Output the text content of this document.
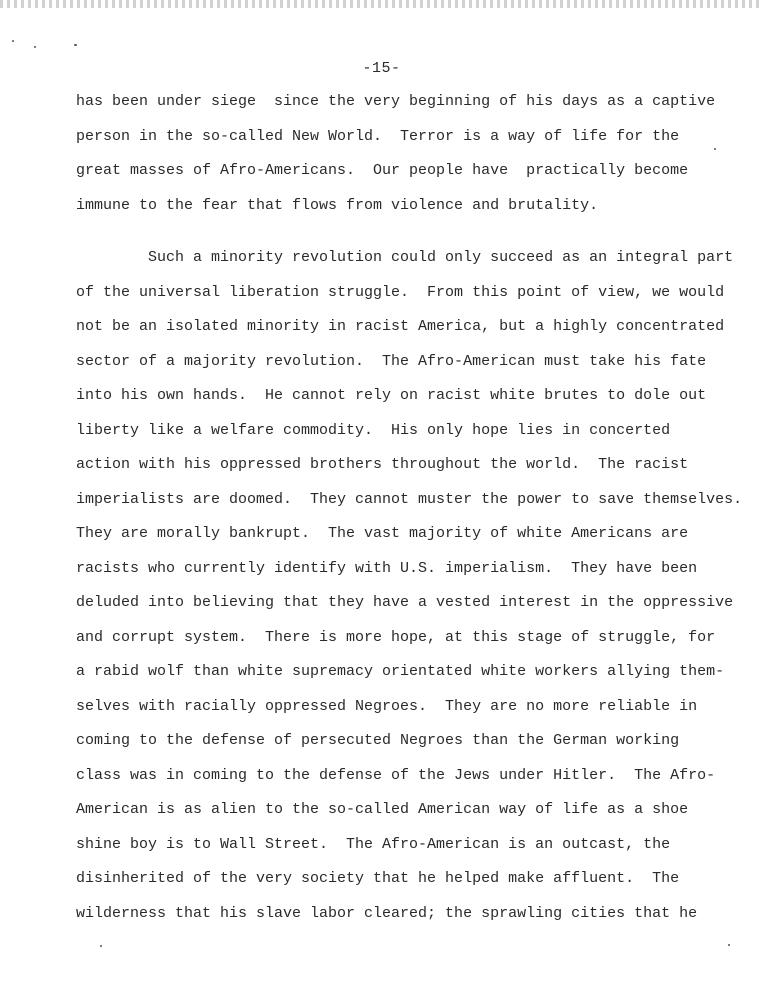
-15-
has been under siege  since the very beginning of his days as a captive
person in the so-called New World.  Terror is a way of life for the
great masses of Afro-Americans.  Our people have  practically become
immune to the fear that flows from violence and brutality.
Such a minority revolution could only succeed as an integral part
of the universal liberation struggle.  From this point of view, we would
not be an isolated minority in racist America, but a highly concentrated
sector of a majority revolution.  The Afro-American must take his fate
into his own hands.  He cannot rely on racist white brutes to dole out
liberty like a welfare commodity.  His only hope lies in concerted
action with his oppressed brothers throughout the world.  The racist
imperialists are doomed.  They cannot muster the power to save themselves.
They are morally bankrupt.  The vast majority of white Americans are
racists who currently identify with U.S. imperialism.  They have been
deluded into believing that they have a vested interest in the oppressive
and corrupt system.  There is more hope, at this stage of struggle, for
a rabid wolf than white supremacy orientated white workers allying them-
selves with racially oppressed Negroes.  They are no more reliable in
coming to the defense of persecuted Negroes than the German working
class was in coming to the defense of the Jews under Hitler.  The Afro-
American is as alien to the so-called American way of life as a shoe
shine boy is to Wall Street.  The Afro-American is an outcast, the
disinherited of the very society that he helped make affluent.  The
wilderness that his slave labor cleared; the sprawling cities that he
